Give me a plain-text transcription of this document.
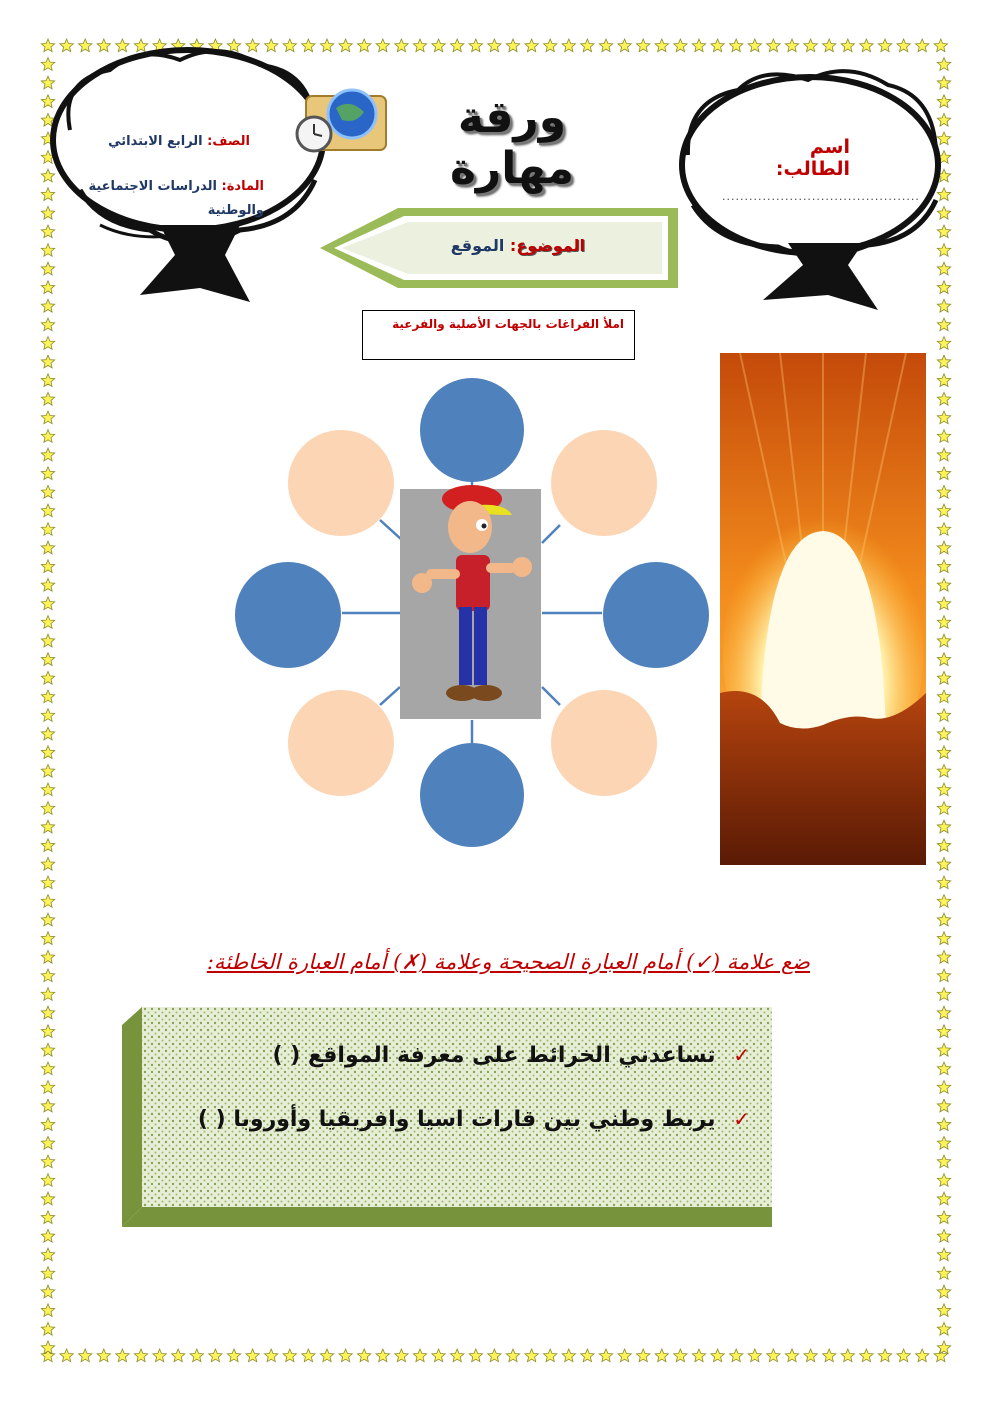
ورقة مهارة
الصف: الرابع الابتدائي
المادة: الدراسات الاجتماعية والوطنية
اسم الطالب:
............................................
الموضوع: الموقع
املأ الفراغات بالجهات الأصلية والفرعية
ضع علامة (✓) أمام العبارة الصحيحة وعلامة (✗) أمام العبارة الخاطئة:
✓ تساعدني الخرائط على معرفة المواقع ( )
✓ يربط وطني بين قارات اسيا وافريقيا وأوروبا ( )
